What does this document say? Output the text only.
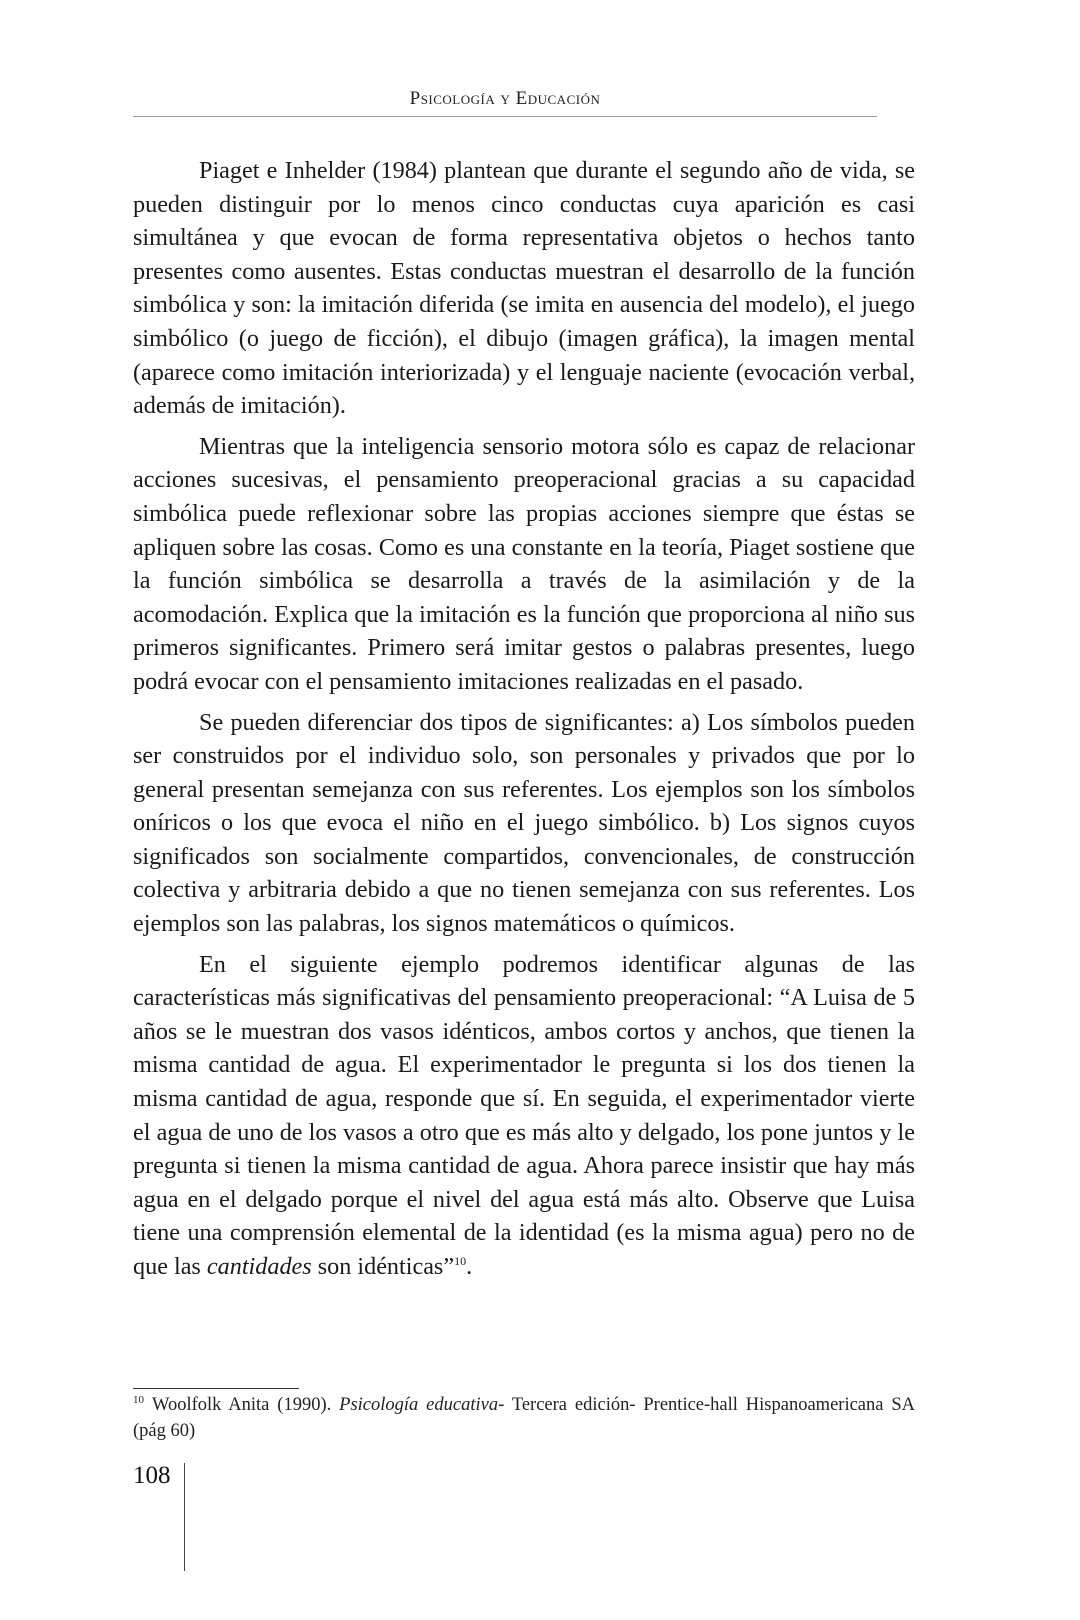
Psicología y Educación

Piaget e Inhelder (1984) plantean que durante el segundo año de vida, se pueden distinguir por lo menos cinco conductas cuya aparición es casi simultánea y que evocan de forma representativa objetos o hechos tanto presentes como ausentes. Estas conductas muestran el desarrollo de la función simbólica y son: la imitación diferida (se imita en ausencia del modelo), el juego simbólico (o juego de ficción), el dibujo (imagen gráfica), la imagen mental (aparece como imitación interiorizada) y el lenguaje naciente (evocación verbal, además de imitación).

Mientras que la inteligencia sensorio motora sólo es capaz de relacionar acciones sucesivas, el pensamiento preoperacional gracias a su capacidad simbólica puede reflexionar sobre las propias acciones siempre que éstas se apliquen sobre las cosas. Como es una constante en la teoría, Piaget sostiene que la función simbólica se desarrolla a través de la asimilación y de la acomodación. Explica que la imitación es la función que proporciona al niño sus primeros significantes. Primero será imitar gestos o palabras presentes, luego podrá evocar con el pensamiento imitaciones realizadas en el pasado.

Se pueden diferenciar dos tipos de significantes: a) Los símbolos pueden ser construidos por el individuo solo, son personales y privados que por lo general presentan semejanza con sus referentes. Los ejemplos son los símbolos oníricos o los que evoca el niño en el juego simbólico. b) Los signos cuyos significados son socialmente compartidos, convencionales, de construcción colectiva y arbitraria debido a que no tienen semejanza con sus referentes. Los ejemplos son las palabras, los signos matemáticos o químicos.

En el siguiente ejemplo podremos identificar algunas de las características más significativas del pensamiento preoperacional: “A Luisa de 5 años se le muestran dos vasos idénticos, ambos cortos y anchos, que tienen la misma cantidad de agua. El experimentador le pregunta si los dos tienen la misma cantidad de agua, responde que sí. En seguida, el experimentador vierte el agua de uno de los vasos a otro que es más alto y delgado, los pone juntos y le pregunta si tienen la misma cantidad de agua. Ahora parece insistir que hay más agua en el delgado porque el nivel del agua está más alto. Observe que Luisa tiene una comprensión elemental de la identidad (es la misma agua) pero no de que las cantidades son idénticas”$^{10}$.

$^{10}$ Woolfolk Anita (1990). Psicología educativa- Tercera edición- Prentice-hall Hispanoamericana SA (pág 60)
108
